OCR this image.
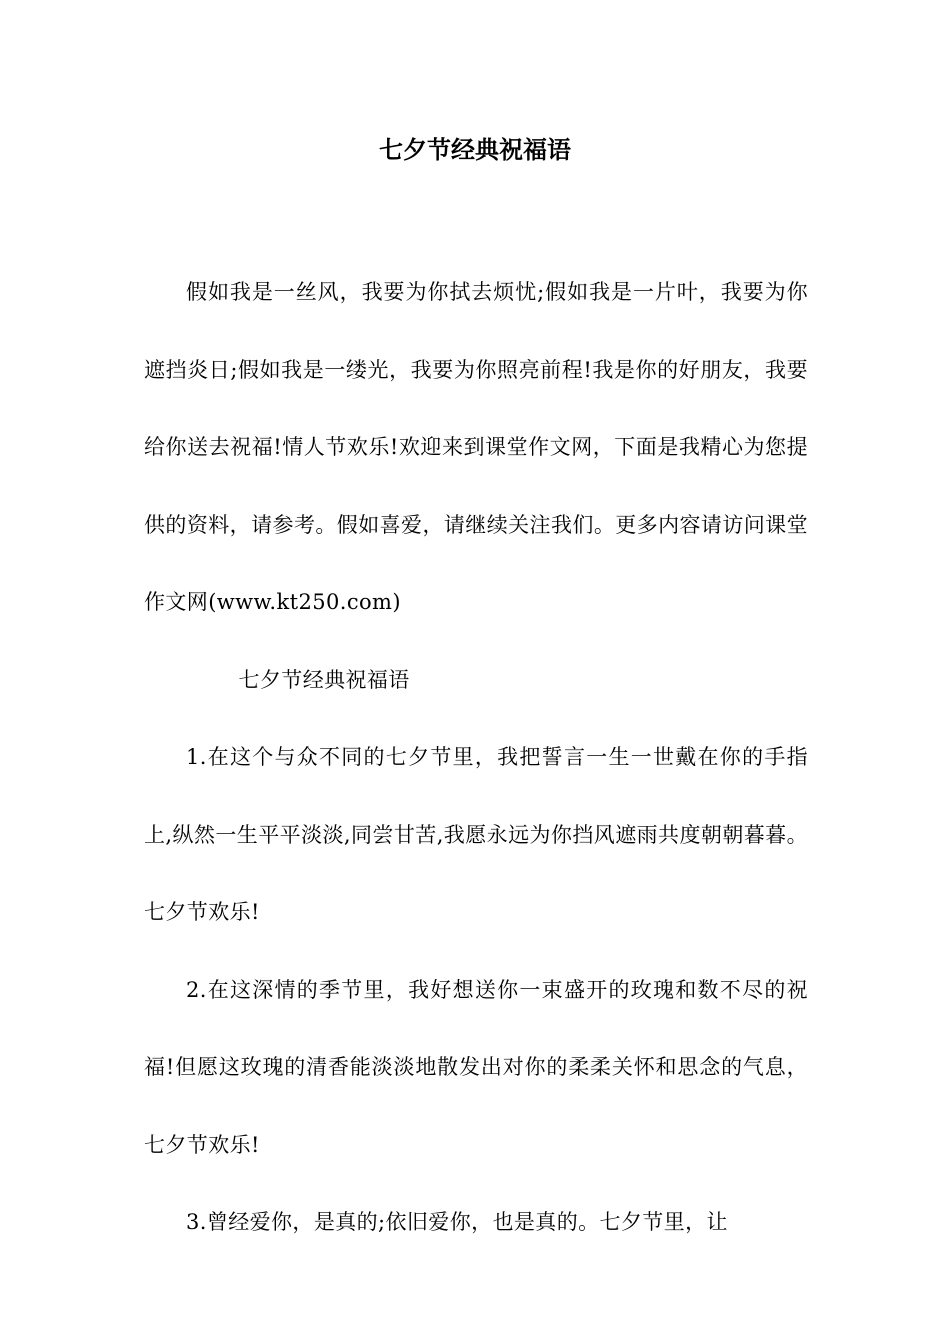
七夕节经典祝福语

假如我是一丝风，我要为你拭去烦忧;假如我是一片叶，我要为你遮挡炎日;假如我是一缕光，我要为你照亮前程!我是你的好朋友，我要给你送去祝福!情人节欢乐!欢迎来到课堂作文网，下面是我精心为您提供的资料，请参考。假如喜爱，请继续关注我们。更多内容请访问课堂作文网(www.kt250.com)

七夕节经典祝福语

1.在这个与众不同的七夕节里，我把誓言一生一世戴在你的手指上,纵然一生平平淡淡,同尝甘苦,我愿永远为你挡风遮雨共度朝朝暮暮。七夕节欢乐!

2.在这深情的季节里，我好想送你一束盛开的玫瑰和数不尽的祝福!但愿这玫瑰的清香能淡淡地散发出对你的柔柔关怀和思念的气息，七夕节欢乐!

3.曾经爱你，是真的;依旧爱你，也是真的。七夕节里，让
